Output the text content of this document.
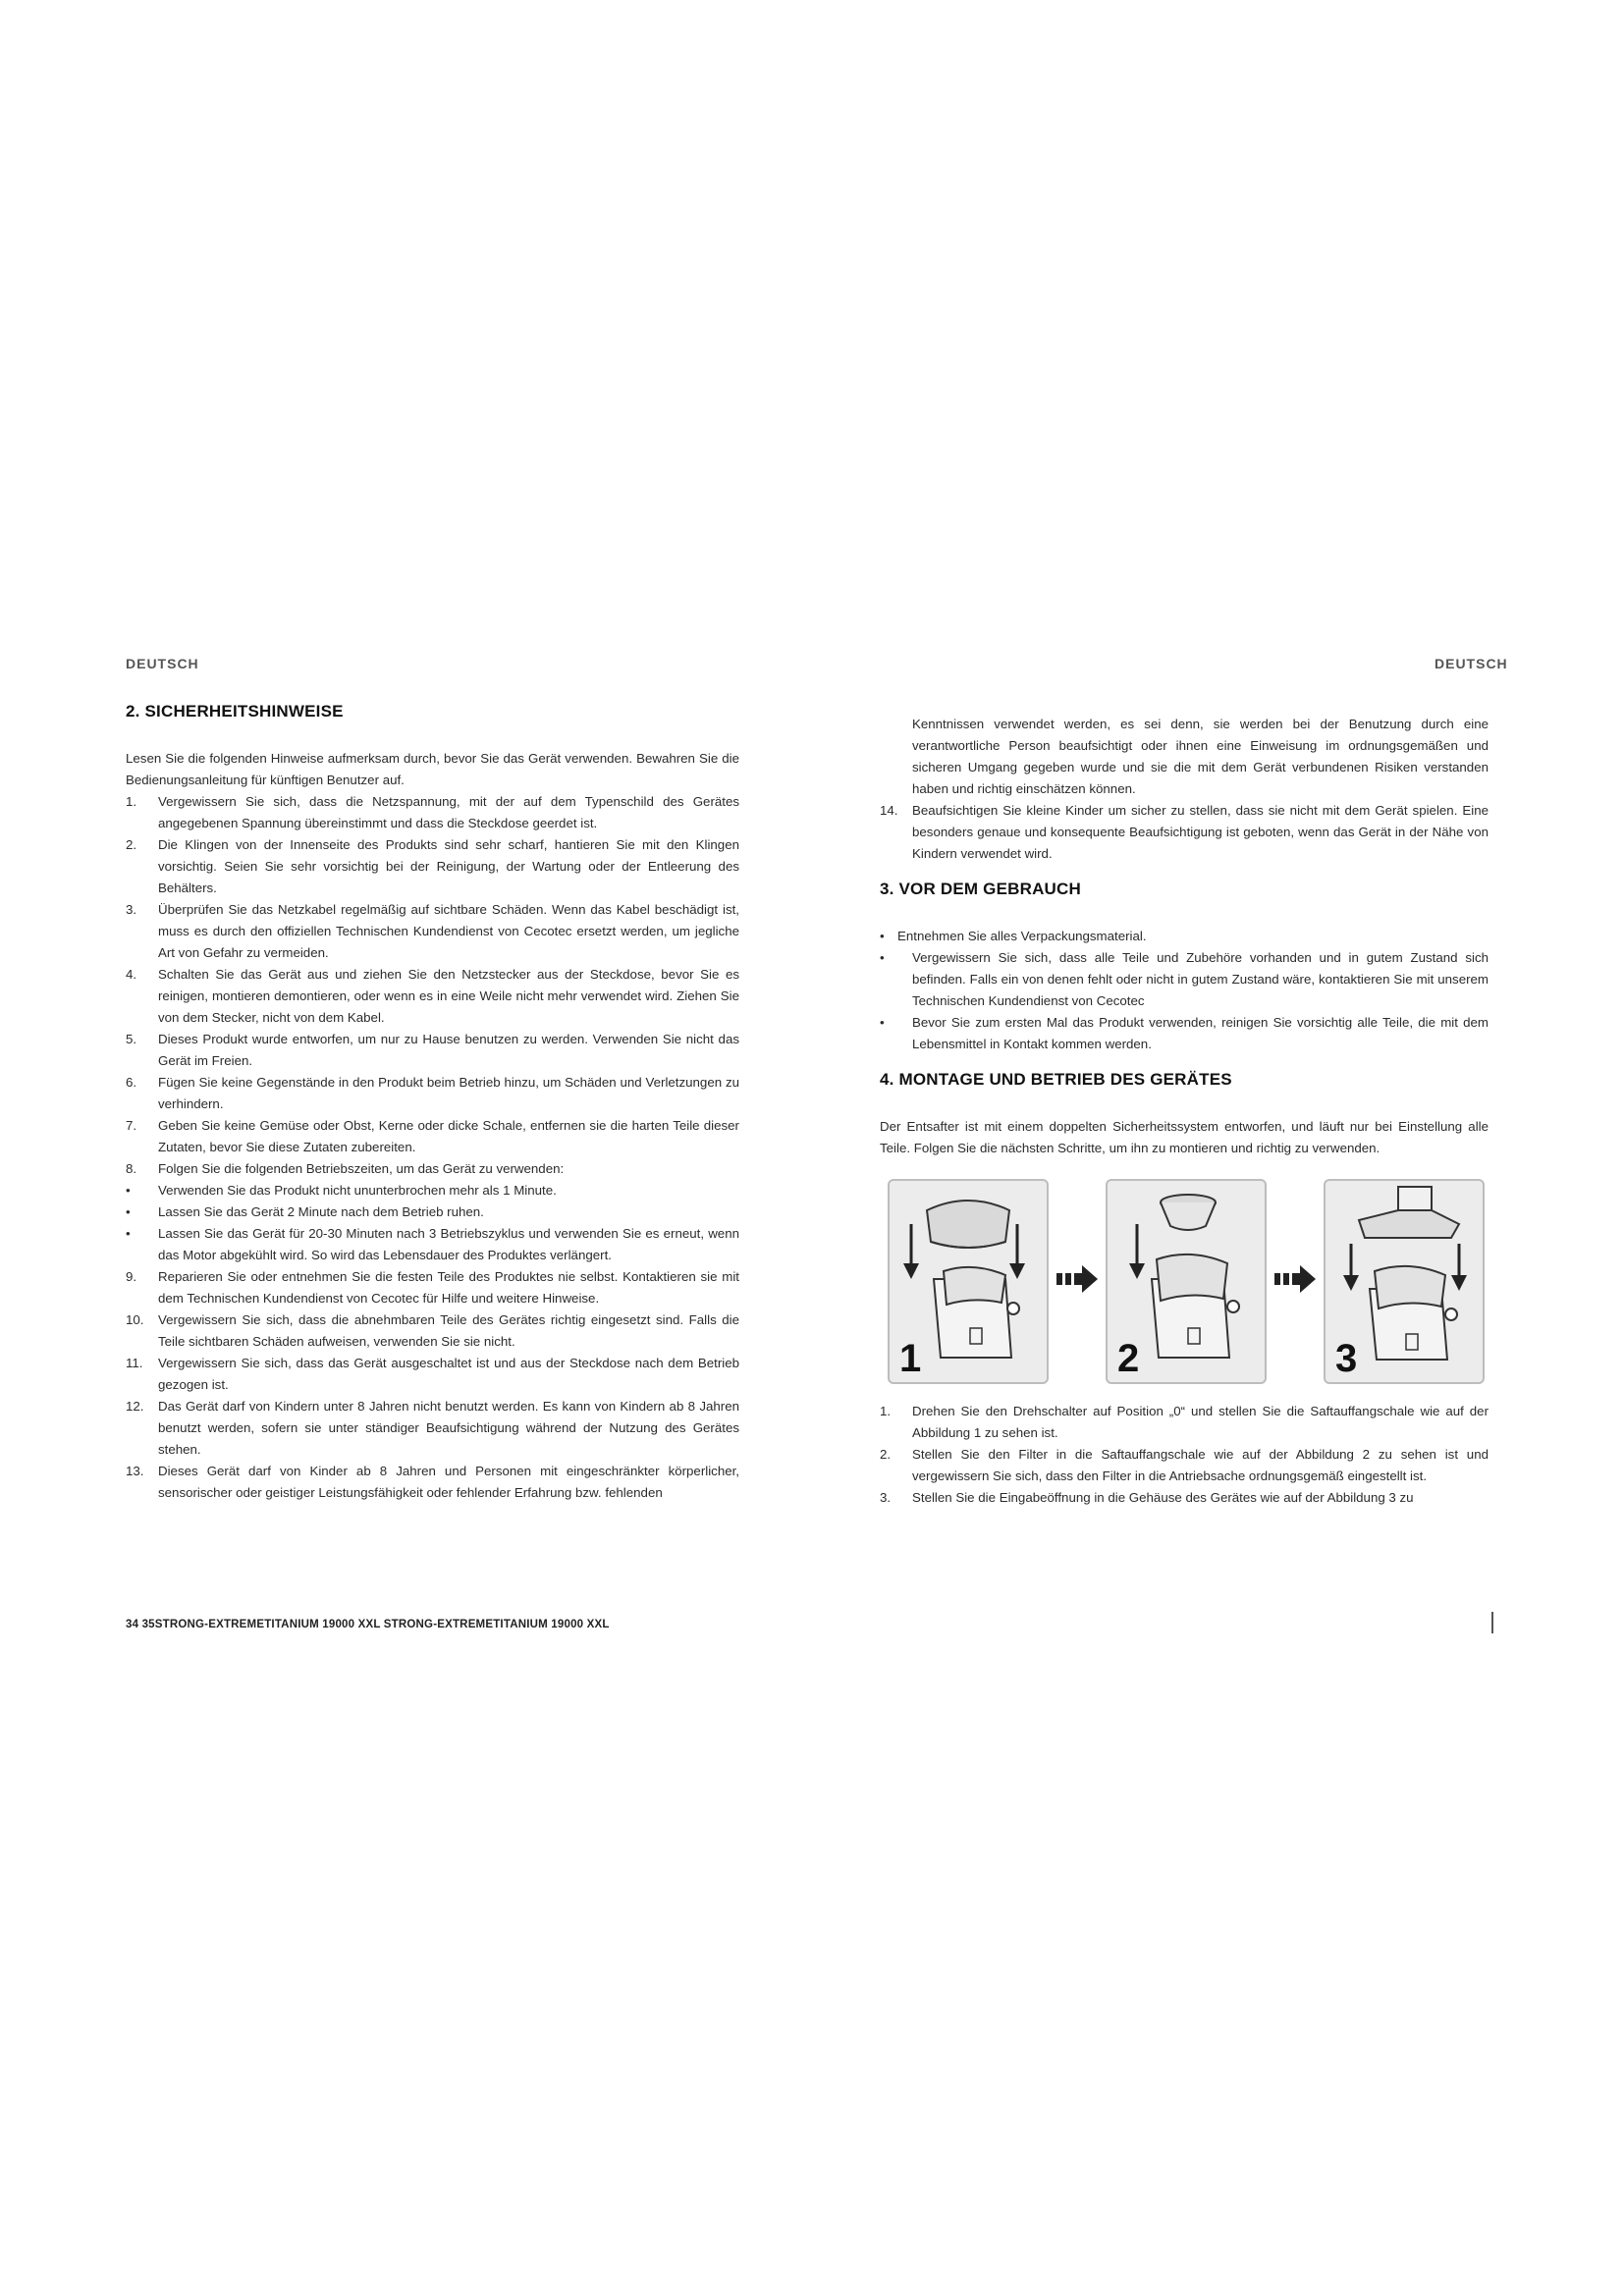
DEUTSCH	DEUTSCH
2. SICHERHEITSHINWEISE

Lesen Sie die folgenden Hinweise aufmerksam durch, bevor Sie das Gerät verwenden. Bewahren Sie die Bedienungsanleitung für künftigen Benutzer auf.

1. Vergewissern Sie sich, dass die Netzspannung, mit der auf dem Typenschild des Gerätes angegebenen Spannung übereinstimmt und dass die Steckdose geerdet ist.
2. Die Klingen von der Innenseite des Produkts sind sehr scharf, hantieren Sie mit den Klingen vorsichtig. Seien Sie sehr vorsichtig bei der Reinigung, der Wartung oder der Entleerung des Behälters.
3. Überprüfen Sie das Netzkabel regelmäßig auf sichtbare Schäden. Wenn das Kabel beschädigt ist, muss es durch den offiziellen Technischen Kundendienst von Cecotec ersetzt werden, um jegliche Art von Gefahr zu vermeiden.
4. Schalten Sie das Gerät aus und ziehen Sie den Netzstecker aus der Steckdose, bevor Sie es reinigen, montieren demontieren, oder wenn es in eine Weile nicht mehr verwendet wird. Ziehen Sie von dem Stecker, nicht von dem Kabel.
5. Dieses Produkt wurde entworfen, um nur zu Hause benutzen zu werden. Verwenden Sie nicht das Gerät im Freien.
6. Fügen Sie keine Gegenstände in den Produkt beim Betrieb hinzu, um Schäden und Verletzungen zu verhindern.
7. Geben Sie keine Gemüse oder Obst, Kerne oder dicke Schale, entfernen sie die harten Teile dieser Zutaten, bevor Sie diese Zutaten zubereiten.
8. Folgen Sie die folgenden Betriebszeiten, um das Gerät zu verwenden:
• Verwenden Sie das Produkt nicht ununterbrochen mehr als 1 Minute.
• Lassen Sie das Gerät 2 Minute nach dem Betrieb ruhen.
• Lassen Sie das Gerät für 20-30 Minuten nach 3 Betriebszyklus und verwenden Sie es erneut, wenn das Motor abgekühlt wird. So wird das Lebensdauer des Produktes verlängert.
9. Reparieren Sie oder entnehmen Sie die festen Teile des Produktes nie selbst. Kontaktieren sie mit dem Technischen Kundendienst von Cecotec für Hilfe und weitere Hinweise.
10. Vergewissern Sie sich, dass die abnehmbaren Teile des Gerätes richtig eingesetzt sind. Falls die Teile sichtbaren Schäden aufweisen, verwenden Sie sie nicht.
11. Vergewissern Sie sich, dass das Gerät ausgeschaltet ist und aus der Steckdose nach dem Betrieb gezogen ist.
12. Das Gerät darf von Kindern unter 8 Jahren nicht benutzt werden. Es kann von Kindern ab 8 Jahren benutzt werden, sofern sie unter ständiger Beaufsichtigung während der Nutzung des Gerätes stehen.
13. Dieses Gerät darf von Kinder ab 8 Jahren und Personen mit eingeschränkter körperlicher, sensorischer oder geistiger Leistungsfähigkeit oder fehlender Erfahrung bzw. fehlenden

Kenntnissen verwendet werden, es sei denn, sie werden bei der Benutzung durch eine verantwortliche Person beaufsichtigt oder ihnen eine Einweisung im ordnungsgemäßen und sicheren Umgang gegeben wurde und sie die mit dem Gerät verbundenen Risiken verstanden haben und richtig einschätzen können.

14. Beaufsichtigen Sie kleine Kinder um sicher zu stellen, dass sie nicht mit dem Gerät spielen. Eine besonders genaue und konsequente Beaufsichtigung ist geboten, wenn das Gerät in der Nähe von Kindern verwendet wird.
3. VOR DEM GEBRAUCH
• Entnehmen Sie alles Verpackungsmaterial.
• Vergewissern Sie sich, dass alle Teile und Zubehöre vorhanden und in gutem Zustand sich befinden. Falls ein von denen fehlt oder nicht in gutem Zustand wäre, kontaktieren Sie mit unserem Technischen Kundendienst von Cecotec
• Bevor Sie zum ersten Mal das Produkt verwenden, reinigen Sie vorsichtig alle Teile, die mit dem Lebensmittel in Kontakt kommen werden.
4. MONTAGE UND BETRIEB DES GERÄTES

Der Entsafter ist mit einem doppelten Sicherheitssystem entworfen, und läuft nur bei Einstellung alle Teile. Folgen Sie die nächsten Schritte, um ihn zu montieren und richtig zu verwenden.

1	2	3
1. Drehen Sie den Drehschalter auf Position „0“ und stellen Sie die Saftauffangschale wie auf der Abbildung 1 zu sehen ist.
2. Stellen Sie den Filter in die Saftauffangschale wie auf der Abbildung 2 zu sehen ist und vergewissern Sie sich, dass den Filter in die Antriebsache ordnungsgemäß eingestellt ist.
3. Stellen Sie die Eingabeöffnung in die Gehäuse des Gerätes wie auf der Abbildung 3 zu
34 35STRONG-EXTREMETITANIUM 19000 XXL STRONG-EXTREMETITANIUM 19000 XXL
